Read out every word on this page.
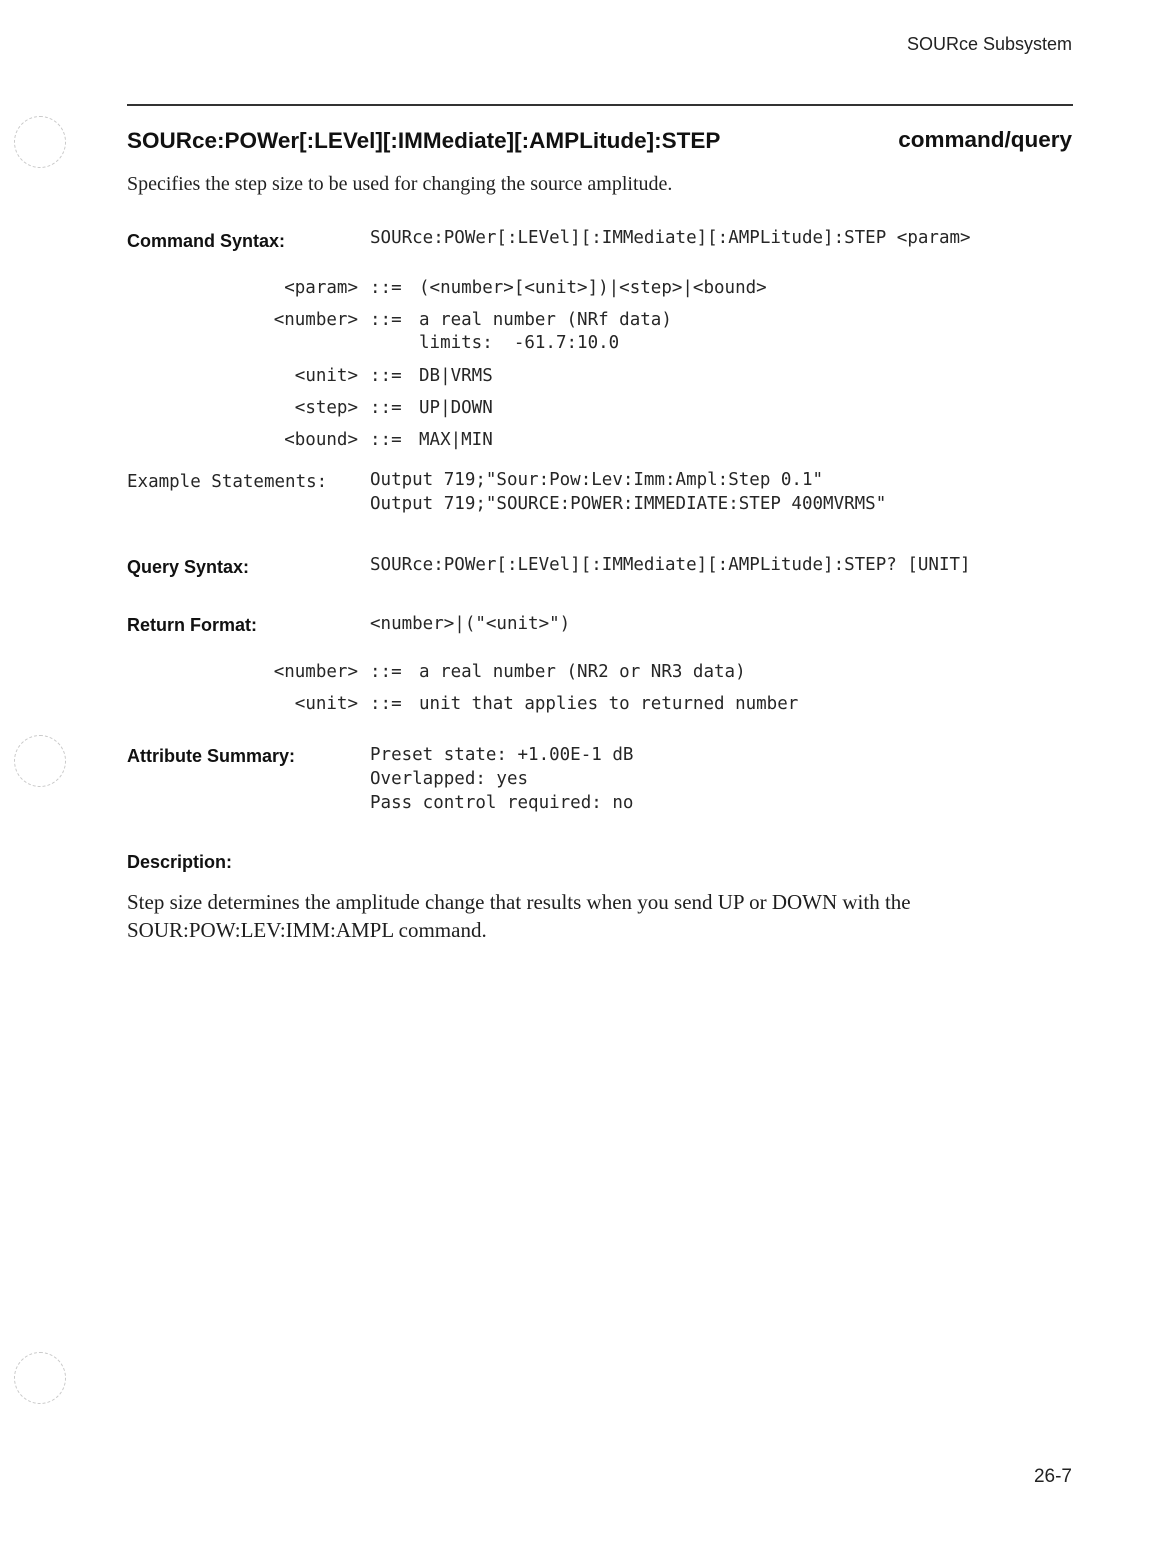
SOURce Subsystem
SOURce:POWer[:LEVel][:IMMediate][:AMPLitude]:STEP	command/query
Specifies the step size to be used for changing the source amplitude.
Command Syntax:	SOURce:POWer[:LEVel][:IMMediate][:AMPLitude]:STEP <param>
<param> ::= (<number>[<unit>])|<step>|<bound>
<number> ::= a real number (NRf data)
limits:  -61.7:10.0
<unit> ::= DB|VRMS
<step> ::= UP|DOWN
<bound> ::= MAX|MIN
Example Statements: Output 719;"Sour:Pow:Lev:Imm:Ampl:Step 0.1"
Output 719;"SOURCE:POWER:IMMEDIATE:STEP 400MVRMS"
Query Syntax:	SOURce:POWer[:LEVel][:IMMediate][:AMPLitude]:STEP? [UNIT]
Return Format:	<number>|("<unit>")
<number> ::= a real number (NR2 or NR3 data)
<unit> ::= unit that applies to returned number
Attribute Summary:	Preset state: +1.00E-1 dB
Overlapped: yes
Pass control required: no
Description:
Step size determines the amplitude change that results when you send UP or DOWN with the
SOUR:POW:LEV:IMM:AMPL command.
26-7
